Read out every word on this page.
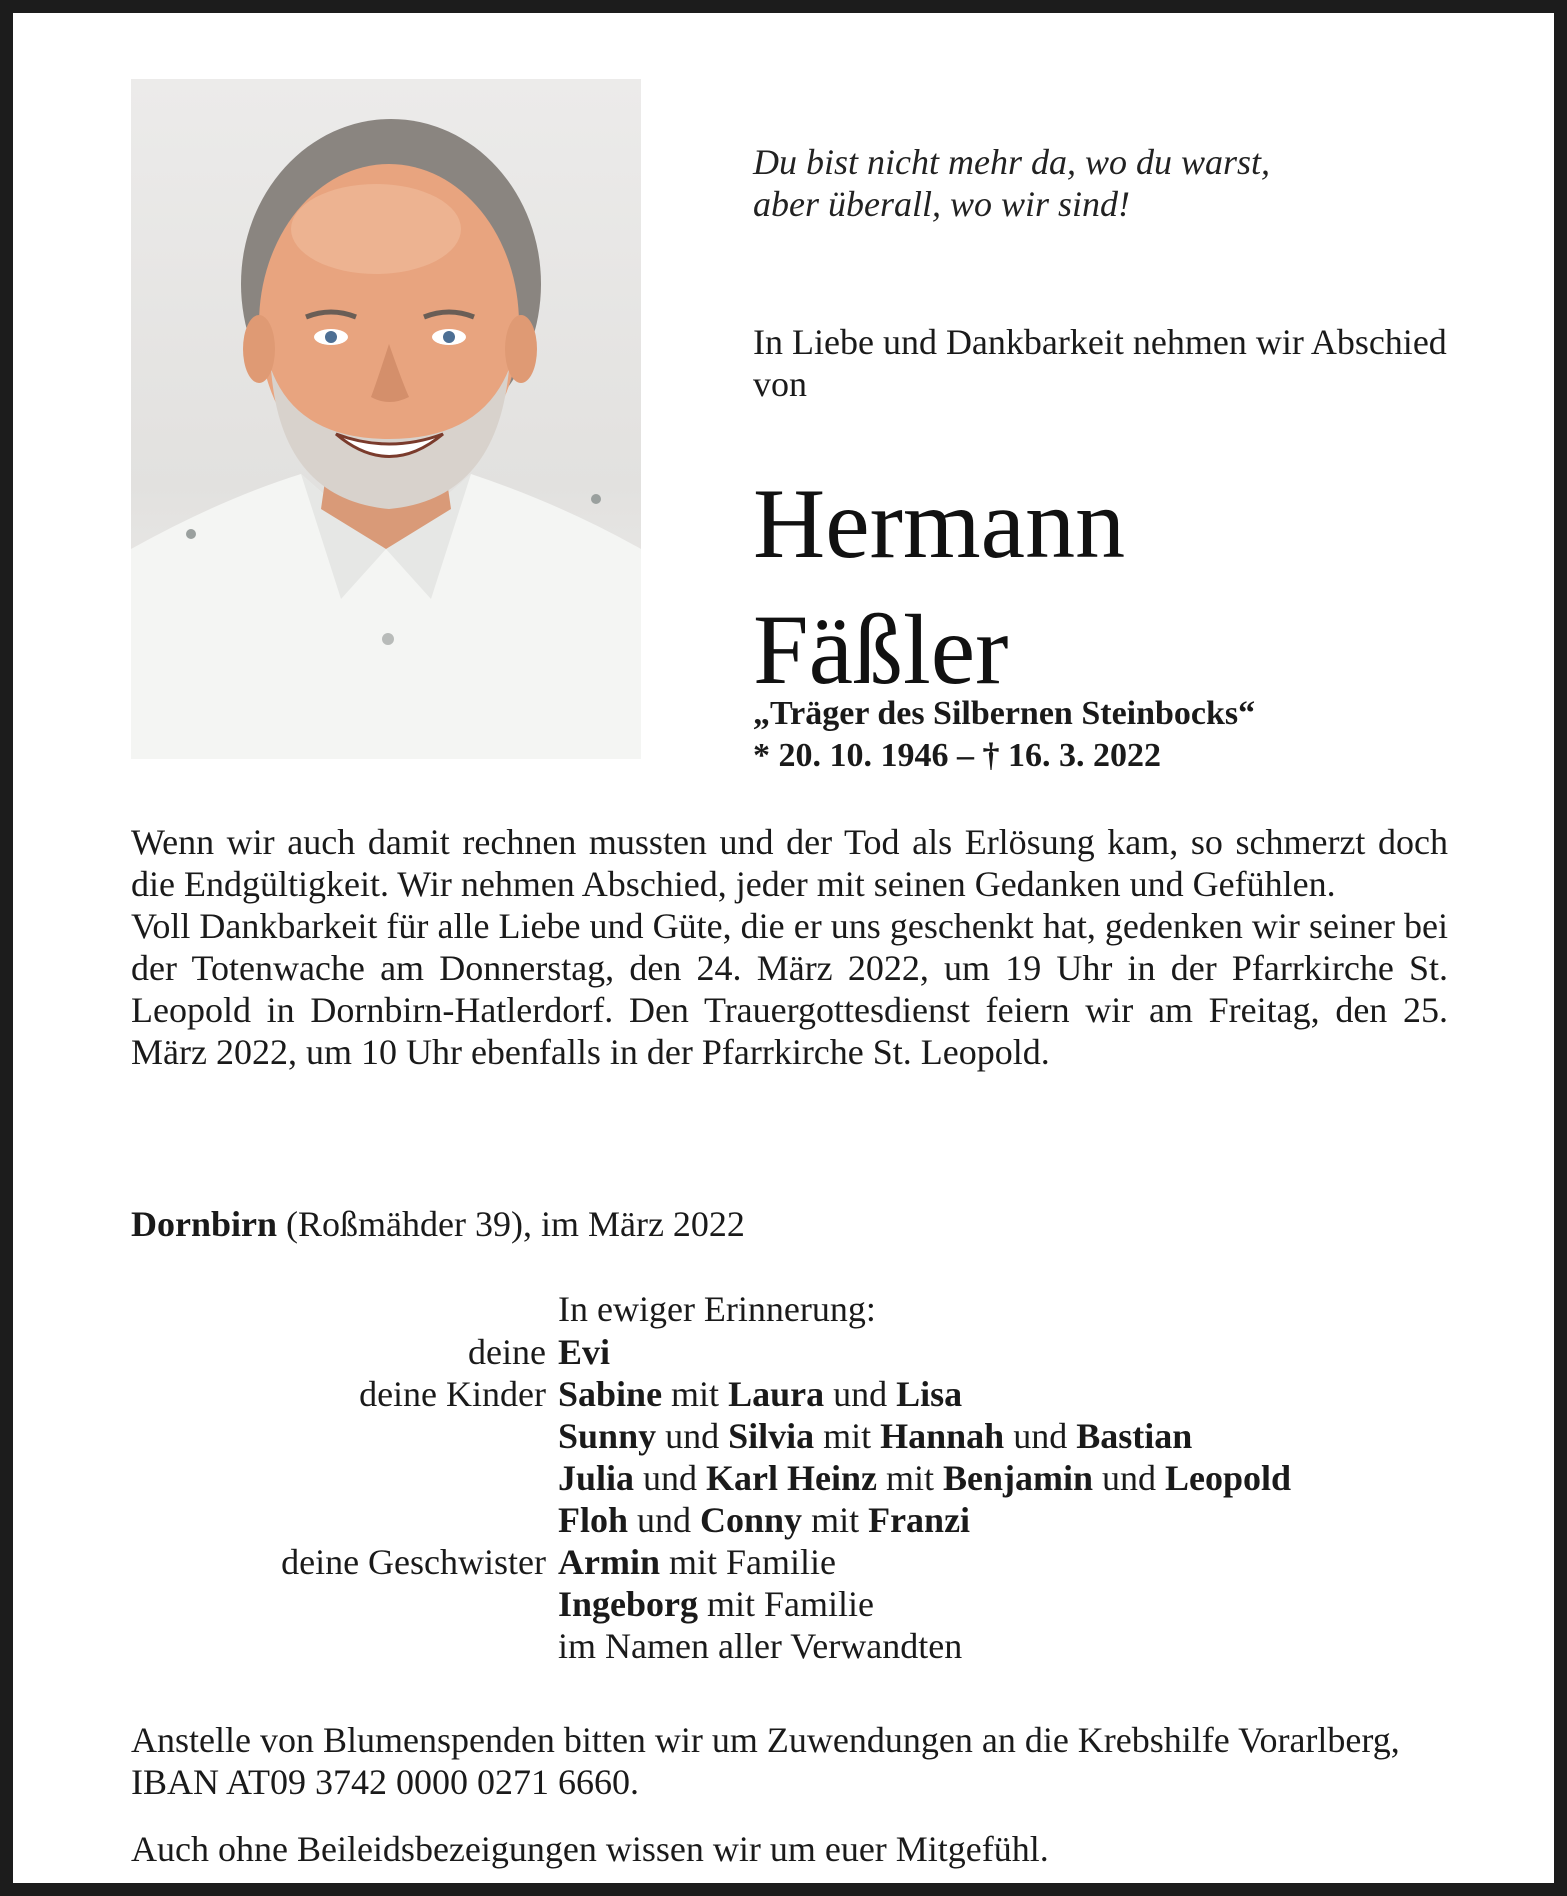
Du bist nicht mehr da, wo du warst,
aber überall, wo wir sind!
In Liebe und Dankbarkeit nehmen wir Abschied von
Hermann
Fäßler
„Träger des Silbernen Steinbocks“
* 20. 10. 1946 – † 16. 3. 2022

Wenn wir auch damit rechnen mussten und der Tod als Erlösung kam, so schmerzt doch die Endgültigkeit. Wir nehmen Abschied, jeder mit seinen Gedanken und Gefühlen.

Voll Dankbarkeit für alle Liebe und Güte, die er uns geschenkt hat, gedenken wir seiner bei der Totenwache am Donnerstag, den 24. März 2022, um 19 Uhr in der Pfarrkirche St. Leopold in Dornbirn-Hatlerdorf. Den Trauergottesdienst feiern wir am Freitag, den 25. März 2022, um 10 Uhr ebenfalls in der Pfarrkirche St. Leopold.

Dornbirn (Roßmähder 39), im März 2022
In ewiger Erinnerung:
deine Evi
deine Kinder Sabine mit Laura und Lisa
Sunny und Silvia mit Hannah und Bastian
Julia und Karl Heinz mit Benjamin und Leopold
Floh und Conny mit Franzi
deine Geschwister Armin mit Familie
Ingeborg mit Familie
im Namen aller Verwandten
Anstelle von Blumenspenden bitten wir um Zuwendungen an die Krebshilfe Vorarlberg, IBAN AT09 3742 0000 0271 6660.
Auch ohne Beileidsbezeigungen wissen wir um euer Mitgefühl.
